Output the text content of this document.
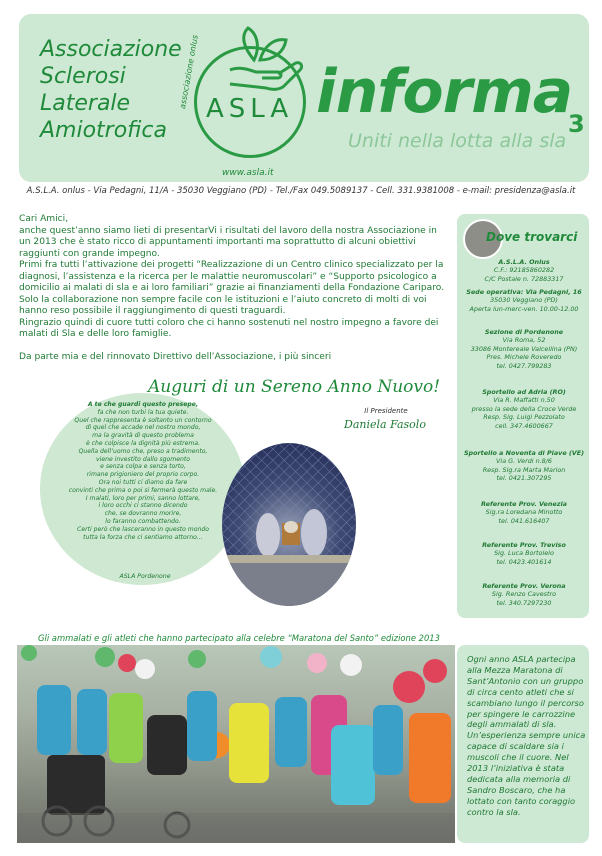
Associazione
Sclerosi
Laterale
Amiotrofica
ASLA
associazione onlus
www.asla.it
informa
3
Uniti nella lotta alla sla
A.S.L.A. onlus - Via Pedagni, 11/A - 35030 Veggiano (PD) - Tel./Fax 049.5089137 - Cell. 331.9381008 - e-mail: presidenza@asla.it

Cari Amici,

anche quest’anno siamo lieti di presentarVi i risultati del lavoro della nostra Associazione in un 2013 che è stato ricco di appuntamenti importanti ma soprattutto di alcuni obiettivi raggiunti con grande impegno.

Primi fra tutti l’attivazione dei progetti “Realizzazione di un Centro clinico specializzato per la diagnosi, l’assistenza e la ricerca per le malattie neuromuscolari” e “Supporto psicologico a domicilio ai malati di sla e ai loro familiari” grazie ai finanziamenti della Fondazione Cariparo.

Solo la collaborazione non sempre facile con le istituzioni e l’aiuto concreto di molti di voi hanno reso possibile il raggiungimento di questi traguardi.

Ringrazio quindi di cuore tutti coloro che ci hanno sostenuti nel nostro impegno a favore dei malati di Sla e delle loro famiglie.

Da parte mia e del rinnovato Direttivo dell’Associazione, i più sinceri

Auguri di un Sereno Anno Nuovo!
A te che guardi questo presepe,
fa che non turbi la tua quiete.
Quel che rappresenta è soltanto un contorno
di quel che accade nel nostro mondo,
ma la gravità di questo problema
è che colpisce la dignità più estrema.
Quella dell’uomo che, preso a tradimento,
viene investito dallo sgomento
e senza colpa e senza torto,
rimane prigioniero del proprio corpo.
Ora noi tutti ci diamo da fare
convinti che prima o poi si fermerà questo male.
I malati, loro per primi, sanno lottare,
i loro occhi ci stanno dicendo
che, se dovranno morire,
lo faranno combattendo.
Certi però che lasceranno in questo mondo
tutta la forza che ci sentiamo attorno…
ASLA Pordenone
Il Presidente
Daniela Fasolo
Dove trovarci
A.S.L.A. Onlus
C.F.: 92185860282
C/C Postale n. 72883317
Sede operativa: Via Pedagni, 16
35030 Veggiano (PD)
Aperta lun-merc-ven. 10.00-12.00
Sezione di Pordenone
Via Roma, 52
33086 Montereale Valcellina (PN)
Pres. Michele Roveredo
tel. 0427.799283
Sportello ad Adria (RO)
Via R. Maffatti n.50
presso la sede della Croce Verde
Resp. Sig. Luigi Pezzolato
cell. 347.4600667
Sportello a Noventa di Piave (VE)
Via G. Verdi n.8/6
Resp. Sig.ra Marta Marion
tel. 0421.307295
Referente Prov. Venezia
Sig.ra Loredana Minotto
tel. 041.616407
Referente Prov. Treviso
Sig. Luca Bortolelo
tel. 0423.401614
Referente Prov. Verona
Sig. Renzo Cavestro
tel. 340.7297230
Gli ammalati e gli atleti che hanno partecipato alla celebre “Maratona del Santo” edizione 2013
Ogni anno ASLA partecipa alla Mezza Maratona di Sant’Antonio con un gruppo di circa cento atleti che si scambiano lungo il percorso per spingere le carrozzine degli ammalati di sla. Un’esperienza sempre unica capace di scaldare sia i muscoli che il cuore. Nel 2013 l’iniziativa è stata dedicata alla memoria di Sandro Boscaro, che ha lottato con tanto coraggio contro la sla.
